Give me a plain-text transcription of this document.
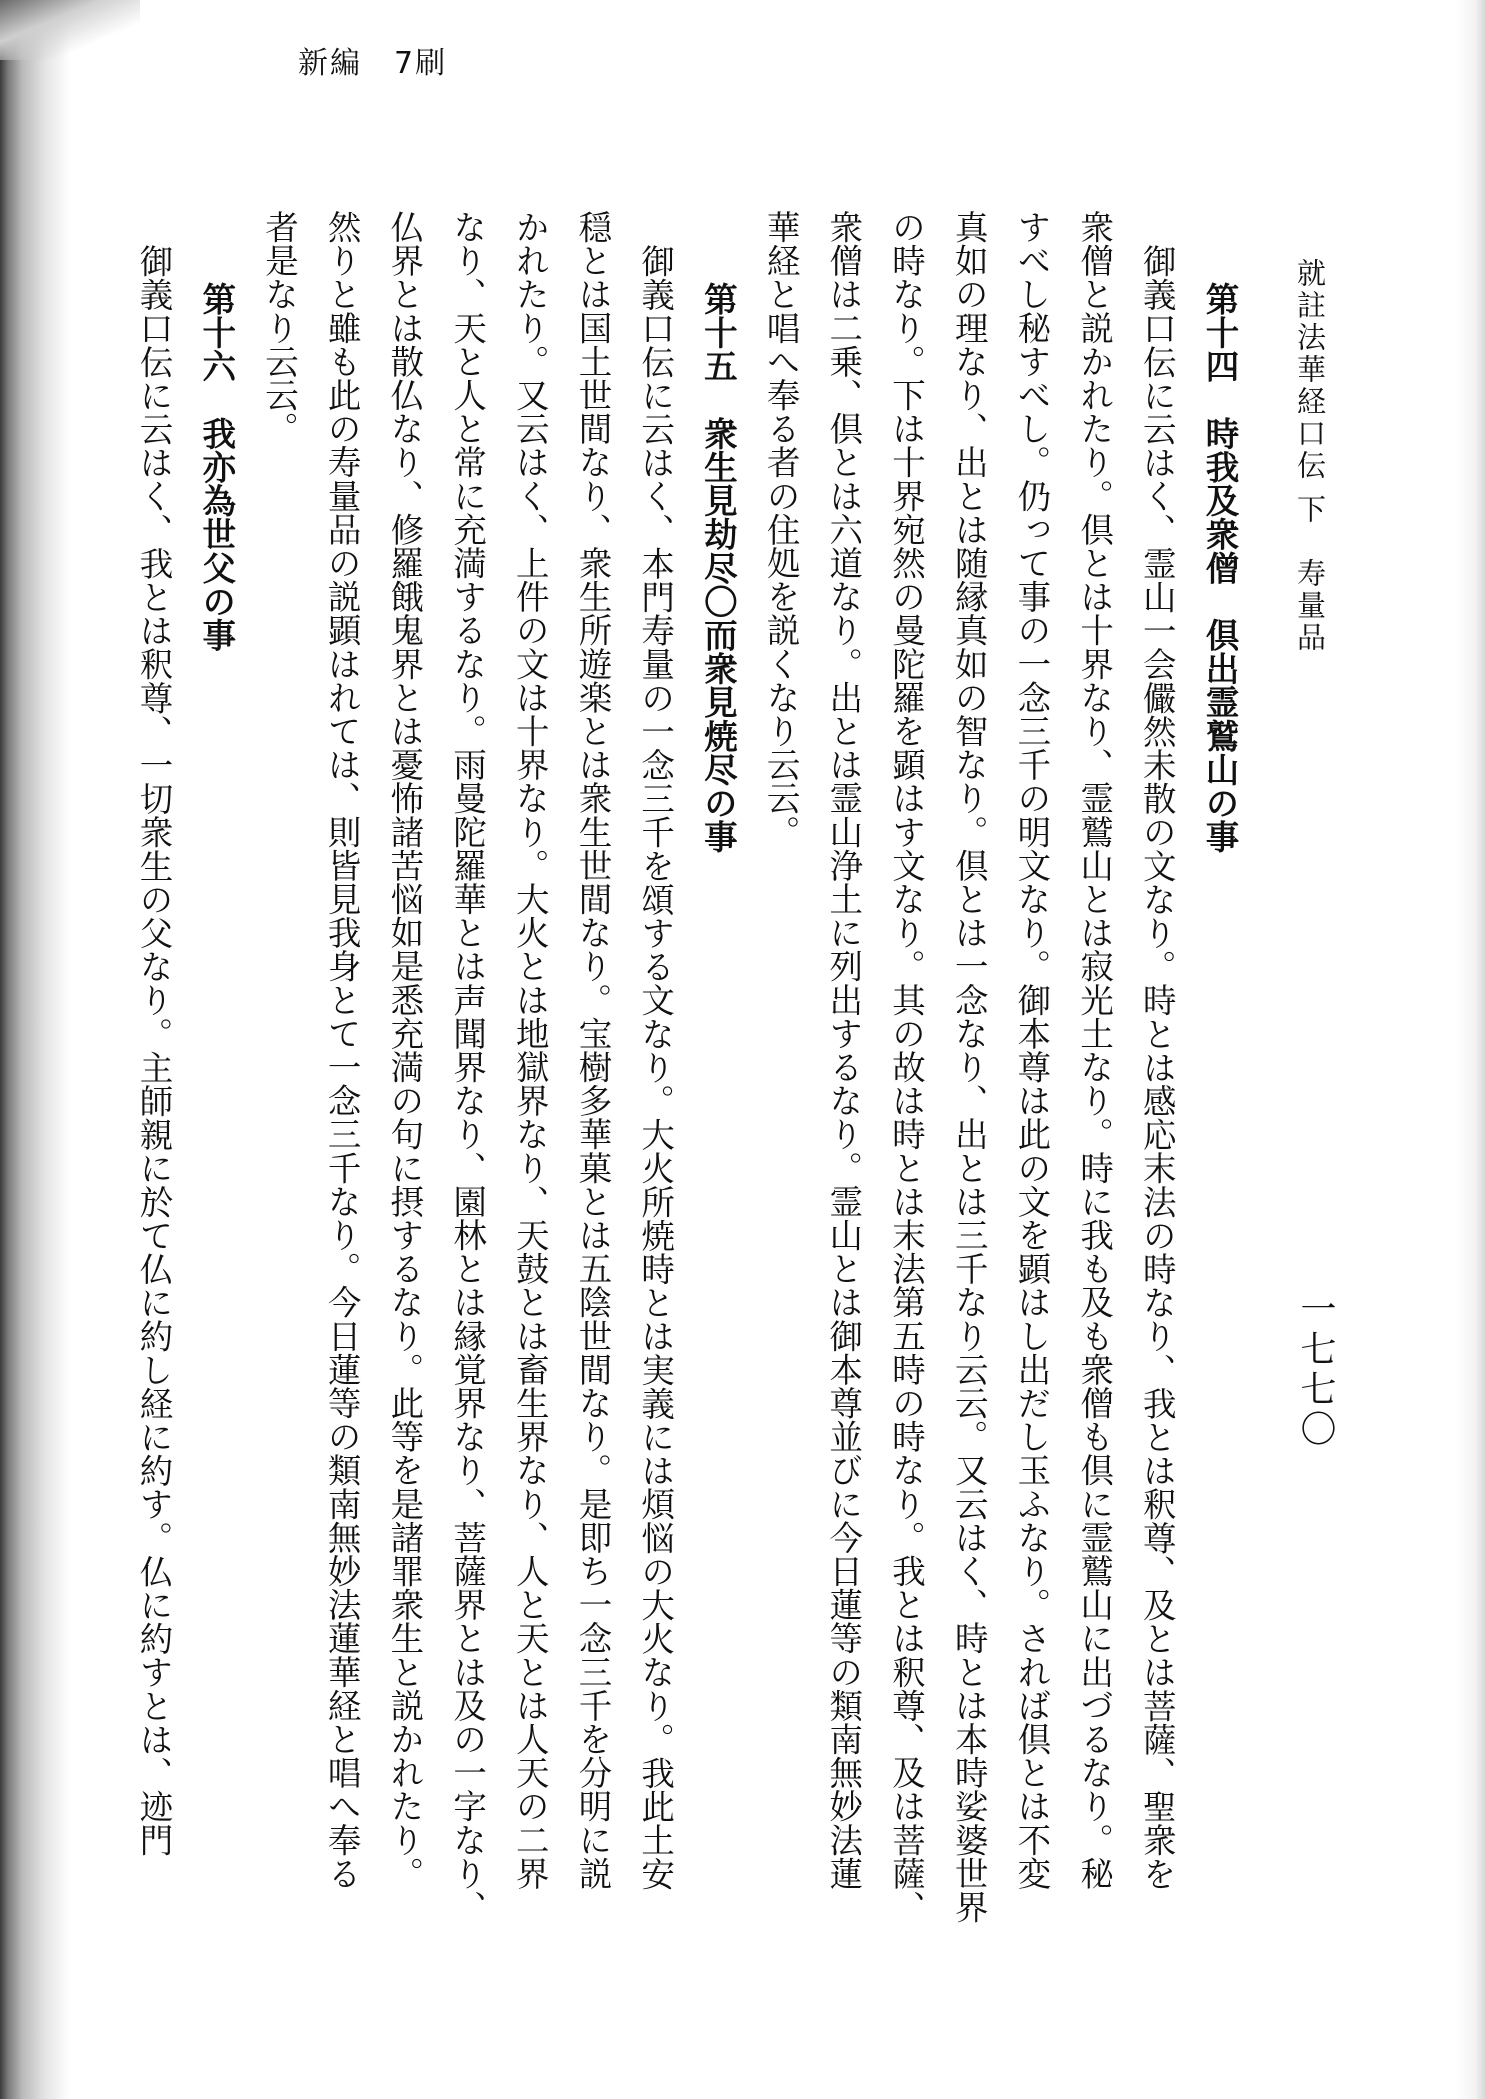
新編　7刷
就註法華経口伝 下　寿量品
一七七〇
第十四　時我及衆僧　倶出霊鷲山の事
御義口伝に云はく、霊山一会儼然未散の文なり。時とは感応末法の時なり、我とは釈尊、及とは菩薩、聖衆を
衆僧と説かれたり。倶とは十界なり、霊鷲山とは寂光土なり。時に我も及も衆僧も倶に霊鷲山に出づるなり。秘
すべし秘すべし。仍って事の一念三千の明文なり。御本尊は此の文を顕はし出だし玉ふなり。されば倶とは不変
真如の理なり、出とは随縁真如の智なり。倶とは一念なり、出とは三千なり云云。又云はく、時とは本時娑婆世界
の時なり。下は十界宛然の曼陀羅を顕はす文なり。其の故は時とは末法第五時の時なり。我とは釈尊、及は菩薩、
衆僧は二乗、倶とは六道なり。出とは霊山浄土に列出するなり。霊山とは御本尊並びに今日蓮等の類南無妙法蓮
華経と唱へ奉る者の住処を説くなり云云。
第十五　衆生見劫尽〇而衆見焼尽の事
御義口伝に云はく、本門寿量の一念三千を頌する文なり。大火所焼時とは実義には煩悩の大火なり。我此土安
穏とは国土世間なり、衆生所遊楽とは衆生世間なり。宝樹多華菓とは五陰世間なり。是即ち一念三千を分明に説
かれたり。又云はく、上件の文は十界なり。大火とは地獄界なり、天鼓とは畜生界なり、人と天とは人天の二界
なり、天と人と常に充満するなり。雨曼陀羅華とは声聞界なり、園林とは縁覚界なり、菩薩界とは及の一字なり、
仏界とは散仏なり、修羅餓鬼界とは憂怖諸苦悩如是悉充満の句に摂するなり。此等を是諸罪衆生と説かれたり。
然りと雖も此の寿量品の説顕はれては、則皆見我身とて一念三千なり。今日蓮等の類南無妙法蓮華経と唱へ奉る
者是なり云云。
第十六　我亦為世父の事
御義口伝に云はく、我とは釈尊、一切衆生の父なり。主師親に於て仏に約し経に約す。仏に約すとは、迹門
